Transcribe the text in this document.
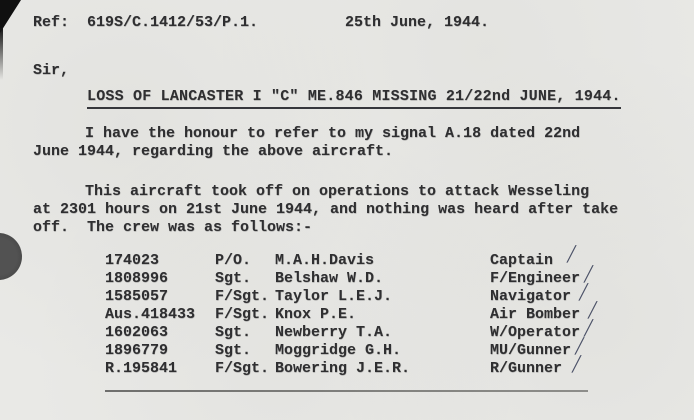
Ref:  619S/C.1412/53/P.1.	25th June, 1944.
Sir,
LOSS OF LANCASTER I "C" ME.846 MISSING 21/22nd JUNE, 1944.
I have the honour to refer to my signal A.18 dated 22nd
June 1944, regarding the above aircraft.
This aircraft took off on operations to attack Wesseling
at 2301 hours on 21st June 1944, and nothing was heard after take
off.  The crew was as follows:-
174023	P/O.	M.A.H.Davis	Captain ╱
1808996	Sgt.	Belshaw W.D.	F/Engineer ╱
1585057	F/Sgt. Taylor L.E.J.	Navigator ╱
Aus.418433	F/Sgt. Knox P.E.	Air Bomber ╱
1602063	Sgt.	Newberry T.A.	W/Operator ╱
1896779	Sgt.	Moggridge G.H.	MU/Gunner ╱
R.195841	F/Sgt. Bowering J.E.R.	R/Gunner ╱
